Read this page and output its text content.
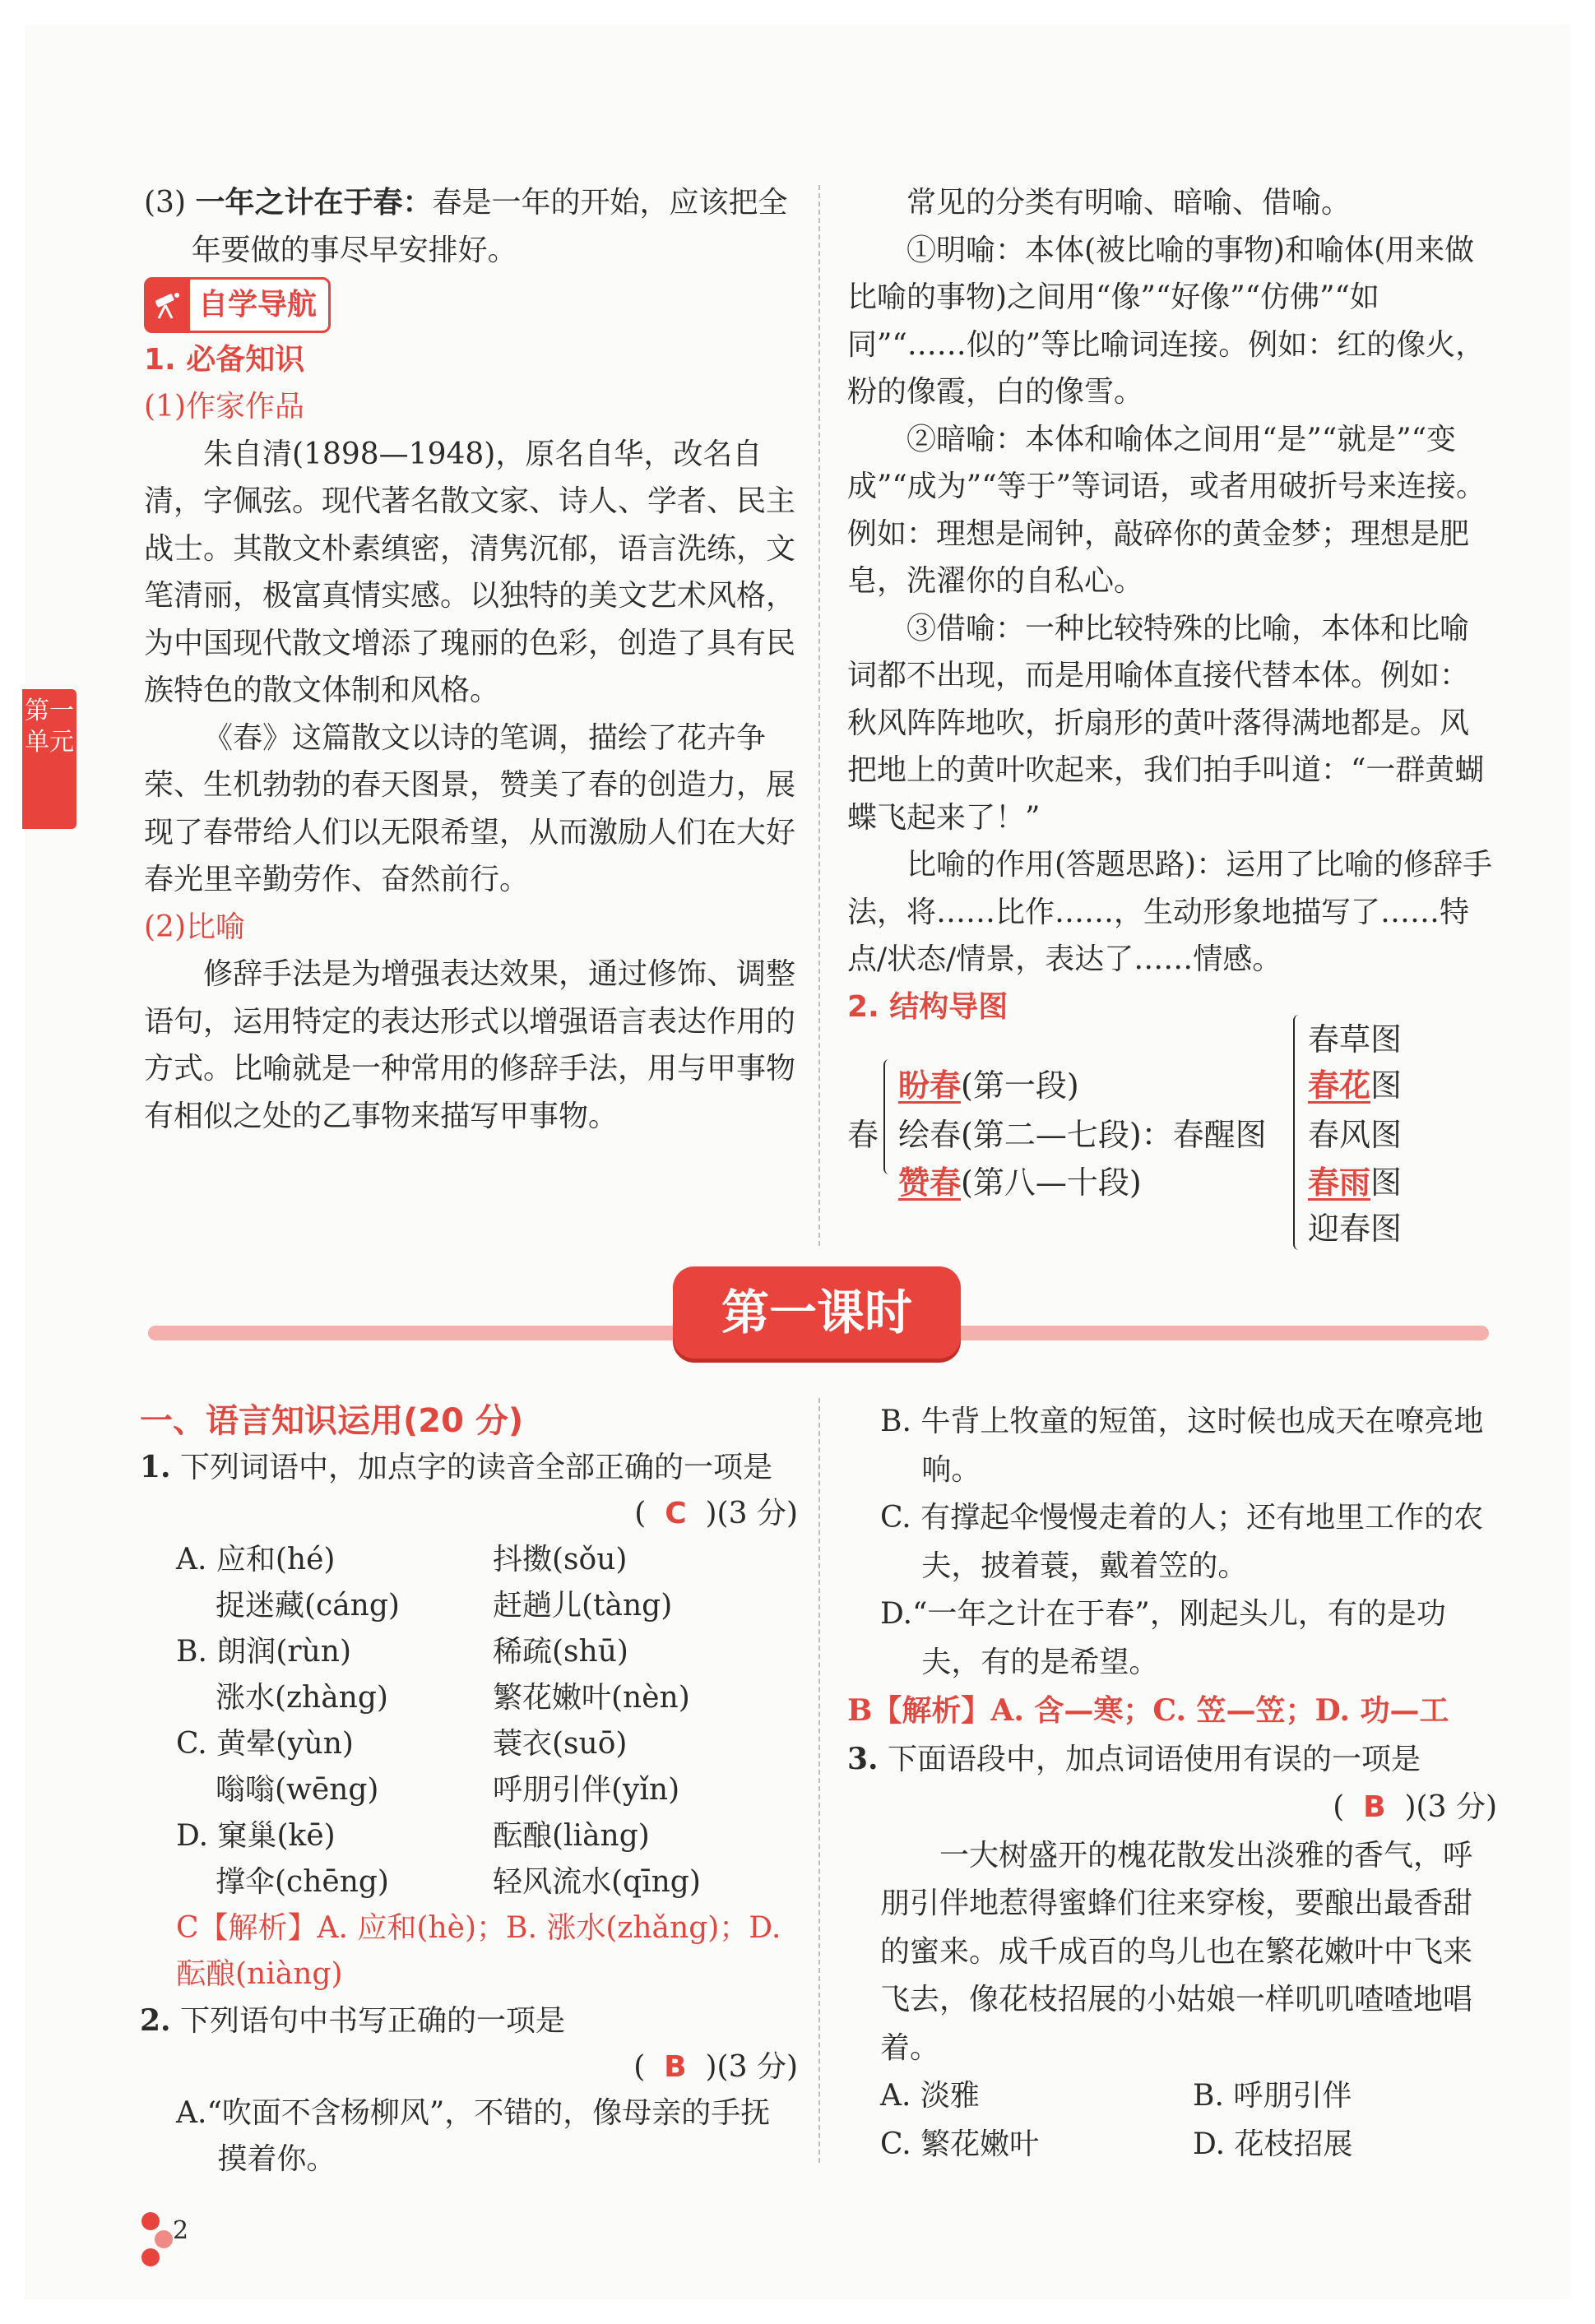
第一单元

(3) 一年之计在于春：春是一年的开始，应该把全年要做的事尽早安排好。

自学导航

1. 必备知识

(1)作家作品

朱自清(1898—1948)，原名自华，改名自清，字佩弦。现代著名散文家、诗人、学者、民主战士。其散文朴素缜密，清隽沉郁，语言洗练，文笔清丽，极富真情实感。以独特的美文艺术风格，为中国现代散文增添了瑰丽的色彩，创造了具有民族特色的散文体制和风格。

《春》这篇散文以诗的笔调，描绘了花卉争荣、生机勃勃的春天图景，赞美了春的创造力，展现了春带给人们以无限希望，从而激励人们在大好春光里辛勤劳作、奋然前行。

(2)比喻

修辞手法是为增强表达效果，通过修饰、调整语句，运用特定的表达形式以增强语言表达作用的方式。比喻就是一种常用的修辞手法，用与甲事物有相似之处的乙事物来描写甲事物。

常见的分类有明喻、暗喻、借喻。

①明喻：本体(被比喻的事物)和喻体(用来做比喻的事物)之间用“像”“好像”“仿佛”“如同”“……似的”等比喻词连接。例如：红的像火，粉的像霞，白的像雪。

②暗喻：本体和喻体之间用“是”“就是”“变成”“成为”“等于”等词语，或者用破折号来连接。例如：理想是闹钟，敲碎你的黄金梦；理想是肥皂，洗濯你的自私心。

③借喻：一种比较特殊的比喻，本体和比喻词都不出现，而是用喻体直接代替本体。例如：秋风阵阵地吹，折扇形的黄叶落得满地都是。风把地上的黄叶吹起来，我们拍手叫道：“一群黄蝴蝶飞起来了！”

比喻的作用(答题思路)：运用了比喻的修辞手法，将……比作……，生动形象地描写了……特点/状态/情景，表达了……情感。

2. 结构导图

春
盼春(第一段)
绘春(第二—七段)：春醒图
赞春(第八—十段)
春草图
春花图
春风图
春雨图
迎春图
第一课时

一、语言知识运用(20 分)

1. 下列词语中，加点字的读音全部正确的一项是

( C )(3 分)

A. 应和(hé)	抖擞(sǒu)
捉迷藏(cáng)	赶趟儿(tàng)
B. 朗润(rùn)	稀疏(shū)
涨水(zhàng)	繁花嫩叶(nèn)
C. 黄晕(yùn)	蓑衣(suō)
嗡嗡(wēng)	呼朋引伴(yǐn)
D. 窠巢(kē)	酝酿(liàng)
撑伞(chēng)	轻风流水(qīng)

C【解析】A. 应和(hè)；B. 涨水(zhǎng)；D. 酝酿(niàng)

2. 下列语句中书写正确的一项是

( B )(3 分)

A.“吹面不含杨柳风”，不错的，像母亲的手抚摸着你。

B. 牛背上牧童的短笛，这时候也成天在嘹亮地响。

C. 有撑起伞慢慢走着的人；还有地里工作的农夫，披着蓑，戴着笠的。

D.“一年之计在于春”，刚起头儿，有的是功夫，有的是希望。

B【解析】A. 含—寒；C. 笠—笠；D. 功—工

3. 下面语段中，加点词语使用有误的一项是

( B )(3 分)

一大树盛开的槐花散发出淡雅的香气，呼朋引伴地惹得蜜蜂们往来穿梭，要酿出最香甜的蜜来。成千成百的鸟儿也在繁花嫩叶中飞来飞去，像花枝招展的小姑娘一样叽叽喳喳地唱着。

A. 淡雅	B. 呼朋引伴
C. 繁花嫩叶	D. 花枝招展
2
